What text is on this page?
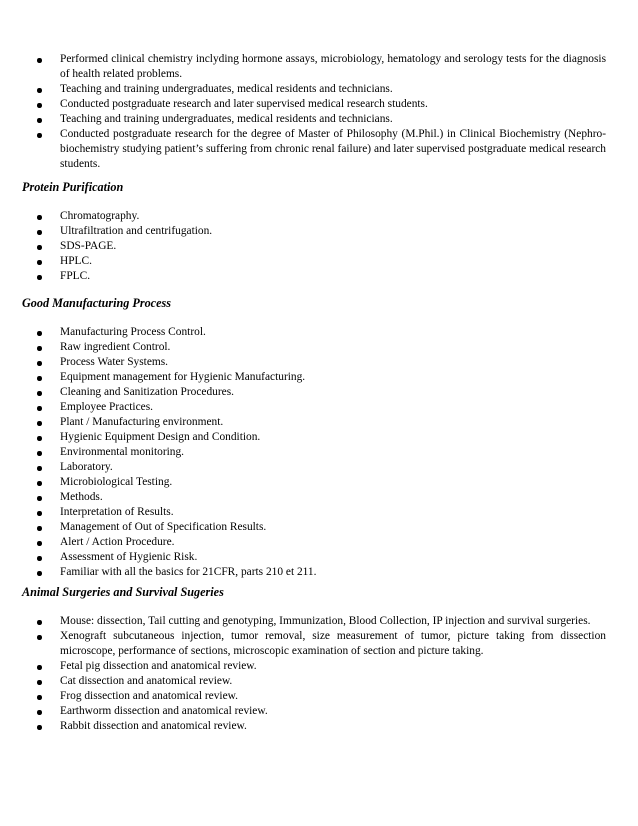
Performed clinical chemistry inclyding hormone assays, microbiology, hematology and serology tests for the diagnosis of health related problems.
Teaching and training undergraduates, medical residents and technicians.
Conducted postgraduate research and later supervised medical research students.
Teaching and training undergraduates, medical residents and technicians.
Conducted postgraduate research for the degree of Master of Philosophy (M.Phil.) in Clinical Biochemistry (Nephro-biochemistry studying patient’s suffering from chronic renal failure) and later supervised postgraduate medical research students.
Protein Purification
Chromatography.
Ultrafiltration and centrifugation.
SDS-PAGE.
HPLC.
FPLC.
Good Manufacturing Process
Manufacturing Process Control.
Raw ingredient Control.
Process Water Systems.
Equipment management for Hygienic Manufacturing.
Cleaning and Sanitization Procedures.
Employee Practices.
Plant / Manufacturing environment.
Hygienic Equipment Design and Condition.
Environmental monitoring.
Laboratory.
Microbiological Testing.
Methods.
Interpretation of Results.
Management of Out of Specification Results.
Alert / Action Procedure.
Assessment of Hygienic Risk.
Familiar with all the basics for 21CFR, parts 210 et 211.
Animal Surgeries and Survival Sugeries
Mouse: dissection, Tail cutting and genotyping, Immunization, Blood Collection, IP injection and survival surgeries.
Xenograft subcutaneous injection, tumor removal, size measurement of tumor, picture taking from dissection microscope, performance of sections, microscopic examination of section and picture taking.
Fetal pig dissection and anatomical review.
Cat dissection and anatomical review.
Frog dissection and anatomical review.
Earthworm dissection and anatomical review.
Rabbit dissection and anatomical review.
